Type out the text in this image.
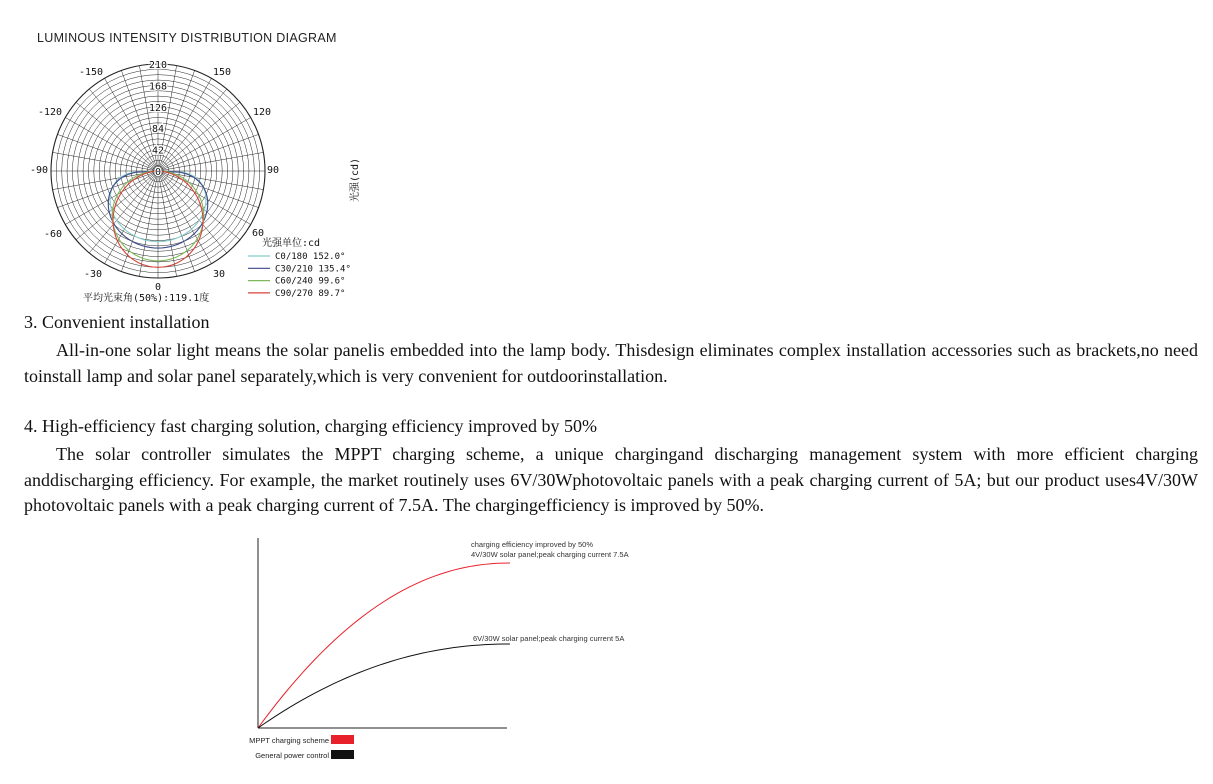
LUMINOUS INTENSITY DISTRIBUTION DIAGRAM
-150	150
-120	120
-90	90
-60	60
-30	30
0
210
168
126
84
42
0	光强(cd)
光强单位:cd
C0/180 152.0°
C30/210 135.4°
C60/240 99.6°
C90/270 89.7°
平均光束角(50%):119.1度
3. Convenient installation
All-in-one solar light means the solar panelis embedded into the lamp body. Thisdesign eliminates complex installation accessories such as brackets,no need toinstall lamp and solar panel separately,which is very convenient for outdoorinstallation.
4. High-efficiency fast charging solution, charging efficiency improved by 50%
The solar controller simulates the MPPT charging scheme, a unique chargingand discharging management system with more efficient charging anddischarging efficiency. For example, the market routinely uses 6V/30Wphotovoltaic panels with a peak charging current of 5A; but our product uses4V/30W photovoltaic panels with a peak charging current of 7.5A. The chargingefficiency is improved by 50%.
charging efficiency improved by 50%
4V/30W solar panel;peak charging current 7.5A
6V/30W solar panel;peak charging current 5A
MPPT charging scheme
General power control
